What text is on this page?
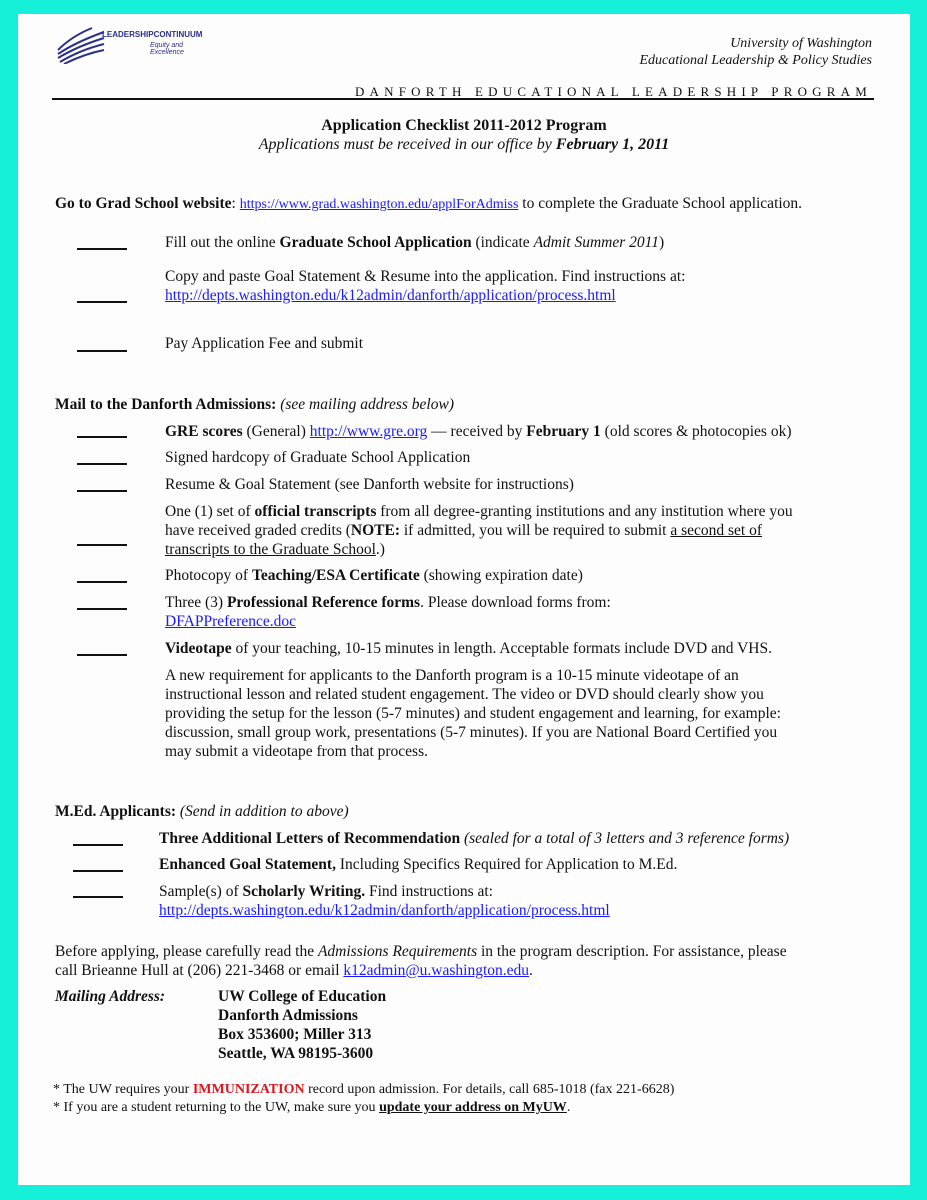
LEADERSHIPCONTINUUM
Equity and Excellence
University of Washington
Educational Leadership & Policy Studies
DANFORTH EDUCATIONAL LEADERSHIP PROGRAM
Application Checklist 2011-2012 Program
Applications must be received in our office by February 1, 2011
Go to Grad School website: https://www.grad.washington.edu/applForAdmiss to complete the Graduate School application.
Fill out the online Graduate School Application (indicate Admit Summer 2011)
Copy and paste Goal Statement & Resume into the application. Find instructions at:
http://depts.washington.edu/k12admin/danforth/application/process.html
Pay Application Fee and submit
Mail to the Danforth Admissions: (see mailing address below)
GRE scores (General) http://www.gre.org — received by February 1 (old scores & photocopies ok)
Signed hardcopy of Graduate School Application
Resume & Goal Statement (see Danforth website for instructions)
One (1) set of official transcripts from all degree-granting institutions and any institution where you
have received graded credits (NOTE: if admitted, you will be required to submit a second set of
transcripts to the Graduate School.)
Photocopy of Teaching/ESA Certificate (showing expiration date)
Three (3) Professional Reference forms. Please download forms from:
DFAPPreference.doc
Videotape of your teaching, 10-15 minutes in length. Acceptable formats include DVD and VHS.
A new requirement for applicants to the Danforth program is a 10-15 minute videotape of an
instructional lesson and related student engagement. The video or DVD should clearly show you
providing the setup for the lesson (5-7 minutes) and student engagement and learning, for example:
discussion, small group work, presentations (5-7 minutes). If you are National Board Certified you
may submit a videotape from that process.
M.Ed. Applicants: (Send in addition to above)
Three Additional Letters of Recommendation (sealed for a total of 3 letters and 3 reference forms)
Enhanced Goal Statement, Including Specifics Required for Application to M.Ed.
Sample(s) of Scholarly Writing. Find instructions at:
http://depts.washington.edu/k12admin/danforth/application/process.html
Before applying, please carefully read the Admissions Requirements in the program description. For assistance, please
call Brieanne Hull at (206) 221-3468 or email k12admin@u.washington.edu.
Mailing Address:	UW College of Education
Danforth Admissions
Box 353600; Miller 313
Seattle, WA 98195-3600
* The UW requires your IMMUNIZATION record upon admission. For details, call 685-1018 (fax 221-6628)
* If you are a student returning to the UW, make sure you update your address on MyUW.
